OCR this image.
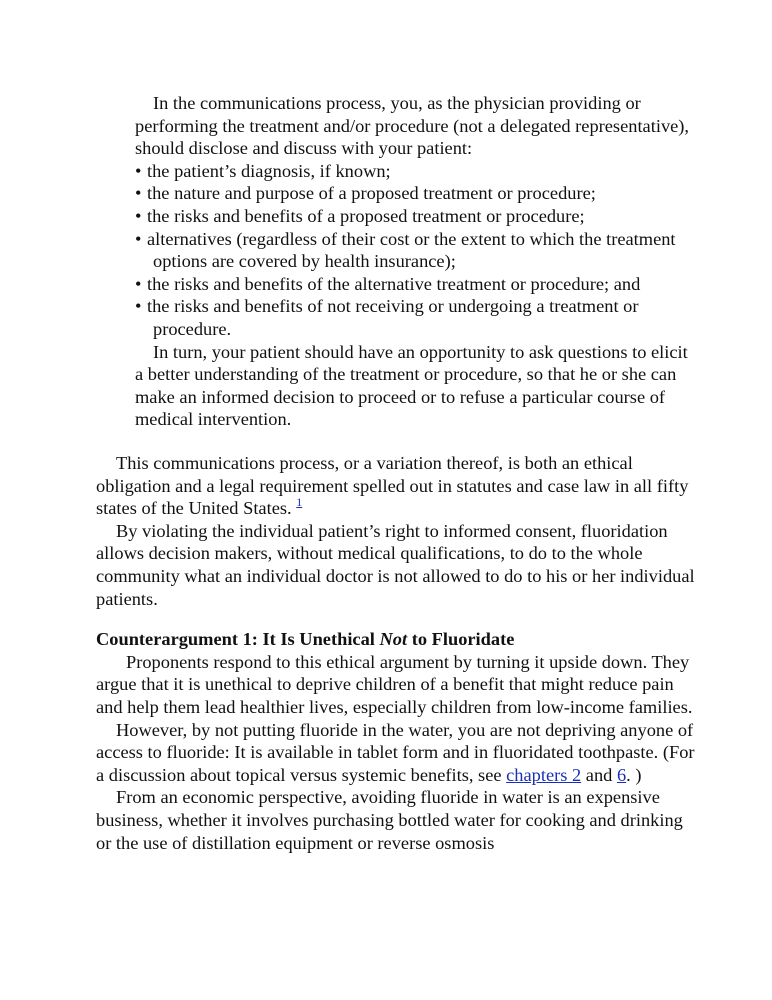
In the communications process, you, as the physician providing or performing the treatment and/or procedure (not a delegated representative), should disclose and discuss with your patient:

• the patient’s diagnosis, if known;
• the nature and purpose of a proposed treatment or procedure;
• the risks and benefits of a proposed treatment or procedure;
• alternatives (regardless of their cost or the extent to which the treatment options are covered by health insurance);
• the risks and benefits of the alternative treatment or procedure; and
• the risks and benefits of not receiving or undergoing a treatment or procedure.

In turn, your patient should have an opportunity to ask questions to elicit a better understanding of the treatment or procedure, so that he or she can make an informed decision to proceed or to refuse a particular course of medical intervention.

This communications process, or a variation thereof, is both an ethical obligation and a legal requirement spelled out in statutes and case law in all fifty states of the United States. $^1$

By violating the individual patient’s right to informed consent, fluoridation allows decision makers, without medical qualifications, to do to the whole community what an individual doctor is not allowed to do to his or her individual patients.

Counterargument 1: It Is Unethical Not to Fluoridate

Proponents respond to this ethical argument by turning it upside down. They argue that it is unethical to deprive children of a benefit that might reduce pain and help them lead healthier lives, especially children from low-income families.

However, by not putting fluoride in the water, you are not depriving anyone of access to fluoride: It is available in tablet form and in fluoridated toothpaste. (For a discussion about topical versus systemic benefits, see chapters 2 and 6. )

From an economic perspective, avoiding fluoride in water is an expensive business, whether it involves purchasing bottled water for cooking and drinking or the use of distillation equipment or reverse osmosis
